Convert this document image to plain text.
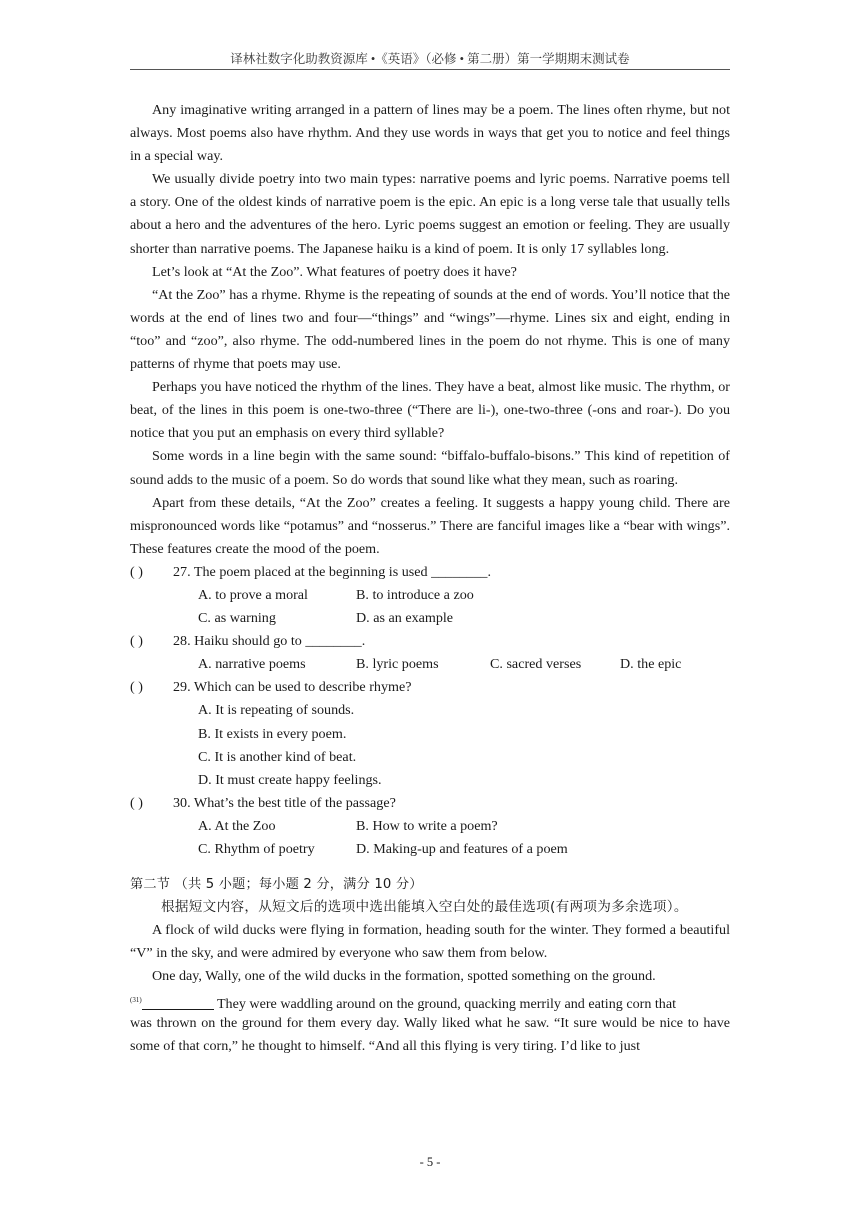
译林社数字化助教资源库 •《英语》（必修 • 第二册）第一学期期末测试卷

Any imaginative writing arranged in a pattern of lines may be a poem. The lines often rhyme, but not always. Most poems also have rhythm. And they use words in ways that get you to notice and feel things in a special way.

We usually divide poetry into two main types: narrative poems and lyric poems. Narrative poems tell a story. One of the oldest kinds of narrative poem is the epic. An epic is a long verse tale that usually tells about a hero and the adventures of the hero. Lyric poems suggest an emotion or feeling. They are usually shorter than narrative poems. The Japanese haiku is a kind of poem. It is only 17 syllables long.

Let’s look at “At the Zoo”. What features of poetry does it have?

“At the Zoo” has a rhyme. Rhyme is the repeating of sounds at the end of words. You’ll notice that the words at the end of lines two and four—“things” and “wings”—rhyme. Lines six and eight, ending in “too” and “zoo”, also rhyme. The odd-numbered lines in the poem do not rhyme. This is one of many patterns of rhyme that poets may use.

Perhaps you have noticed the rhythm of the lines. They have a beat, almost like music. The rhythm, or beat, of the lines in this poem is one-two-three (“There are li-), one-two-three (-ons and roar-). Do you notice that you put an emphasis on every third syllable?

Some words in a line begin with the same sound: “biffalo-buffalo-bisons.” This kind of repetition of sound adds to the music of a poem. So do words that sound like what they mean, such as roaring.

Apart from these details, “At the Zoo” creates a feeling. It suggests a happy young child. There are mispronounced words like “potamus” and “nosserus.” There are fanciful images like a “bear with wings”. These features create the mood of the poem.

( ) 27. The poem placed at the beginning is used ________.
A. to prove a moral	B. to introduce a zoo
C. as warning	D. as an example
( ) 28. Haiku should go to ________.
A. narrative poems	B. lyric poems	C. sacred verses	D. the epic
( ) 29. Which can be used to describe rhyme?
A. It is repeating of sounds.
B. It exists in every poem.
C. It is another kind of beat.
D. It must create happy feelings.
( ) 30. What’s the best title of the passage?
A. At the Zoo	B. How to write a poem?
C. Rhythm of poetry	D. Making-up and features of a poem

第二节 （共 5 小题；每小题 2 分，满分 10 分）

根据短文内容，从短文后的选项中选出能填入空白处的最佳选项(有两项为多余选项）。

A flock of wild ducks were flying in formation, heading south for the winter. They formed a beautiful “V” in the sky, and were admired by everyone who saw them from below.

One day, Wally, one of the wild ducks in the formation, spotted something on the ground.

$^{(31)}$	They were waddling around on the ground, quacking merrily and eating corn that

was thrown on the ground for them every day. Wally liked what he saw. “It sure would be nice to have some of that corn,” he thought to himself. “And all this flying is very tiring. I’d like to just

- 5 -
